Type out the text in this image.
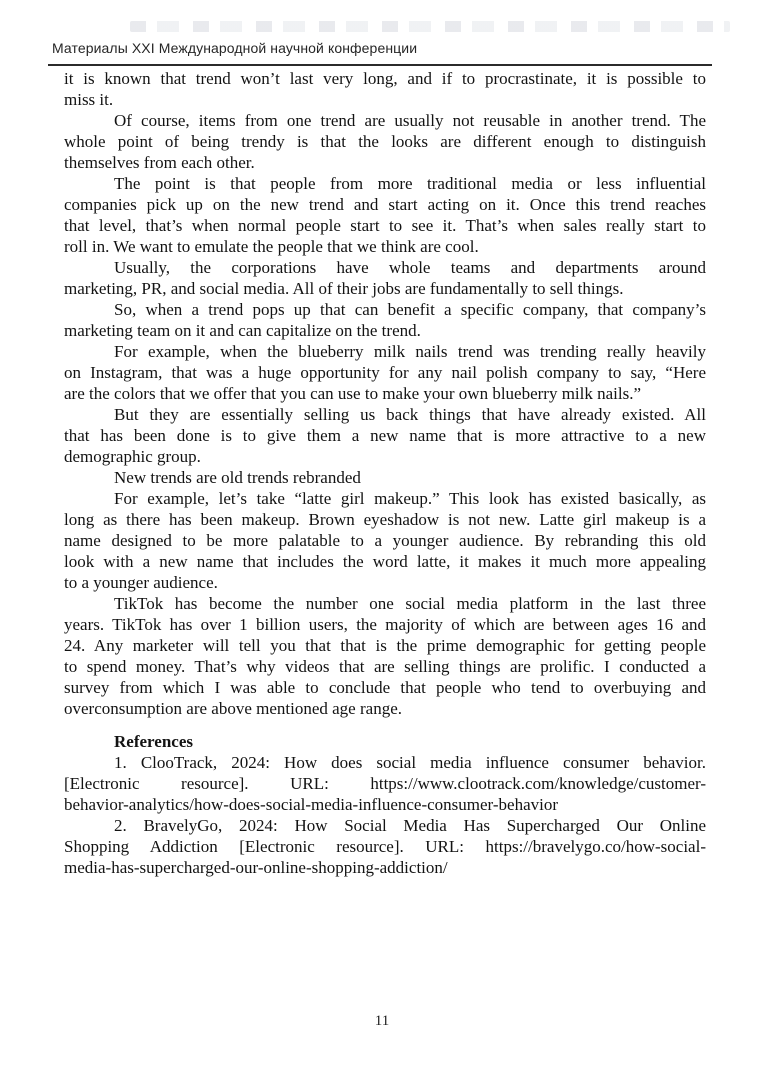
Материалы XXI Международной научной конференции
it is known that trend won’t last very long, and if to procrastinate, it is possible to
miss it.
Of course, items from one trend are usually not reusable in another trend. The
whole point of being trendy is that the looks are different enough to distinguish
themselves from each other.
The point is that people from more traditional media or less influential
companies pick up on the new trend and start acting on it. Once this trend reaches
that level, that’s when normal people start to see it. That’s when sales really start to
roll in. We want to emulate the people that we think are cool.
Usually, the corporations have whole teams and departments around
marketing, PR, and social media. All of their jobs are fundamentally to sell things.
So, when a trend pops up that can benefit a specific company, that company’s
marketing team on it and can capitalize on the trend.
For example, when the blueberry milk nails trend was trending really heavily
on Instagram, that was a huge opportunity for any nail polish company to say, “Here
are the colors that we offer that you can use to make your own blueberry milk nails.”
But they are essentially selling us back things that have already existed. All
that has been done is to give them a new name that is more attractive to a new
demographic group.
New trends are old trends rebranded
For example, let’s take “latte girl makeup.” This look has existed basically, as
long as there has been makeup. Brown eyeshadow is not new. Latte girl makeup is a
name designed to be more palatable to a younger audience. By rebranding this old
look with a new name that includes the word latte, it makes it much more appealing
to a younger audience.
TikTok has become the number one social media platform in the last three
years. TikTok has over 1 billion users, the majority of which are between ages 16 and
24. Any marketer will tell you that that is the prime demographic for getting people
to spend money. That’s why videos that are selling things are prolific. I conducted a
survey from which I was able to conclude that people who tend to overbuying and
overconsumption are above mentioned age range.
References
1. ClooTrack, 2024: How does social media influence consumer behavior.
[Electronic resource]. URL: https://www.clootrack.com/knowledge/customer-
behavior-analytics/how-does-social-media-influence-consumer-behavior
2. BravelyGo, 2024: How Social Media Has Supercharged Our Online
Shopping Addiction [Electronic resource]. URL: https://bravelygo.co/how-social-
media-has-supercharged-our-online-shopping-addiction/
11
